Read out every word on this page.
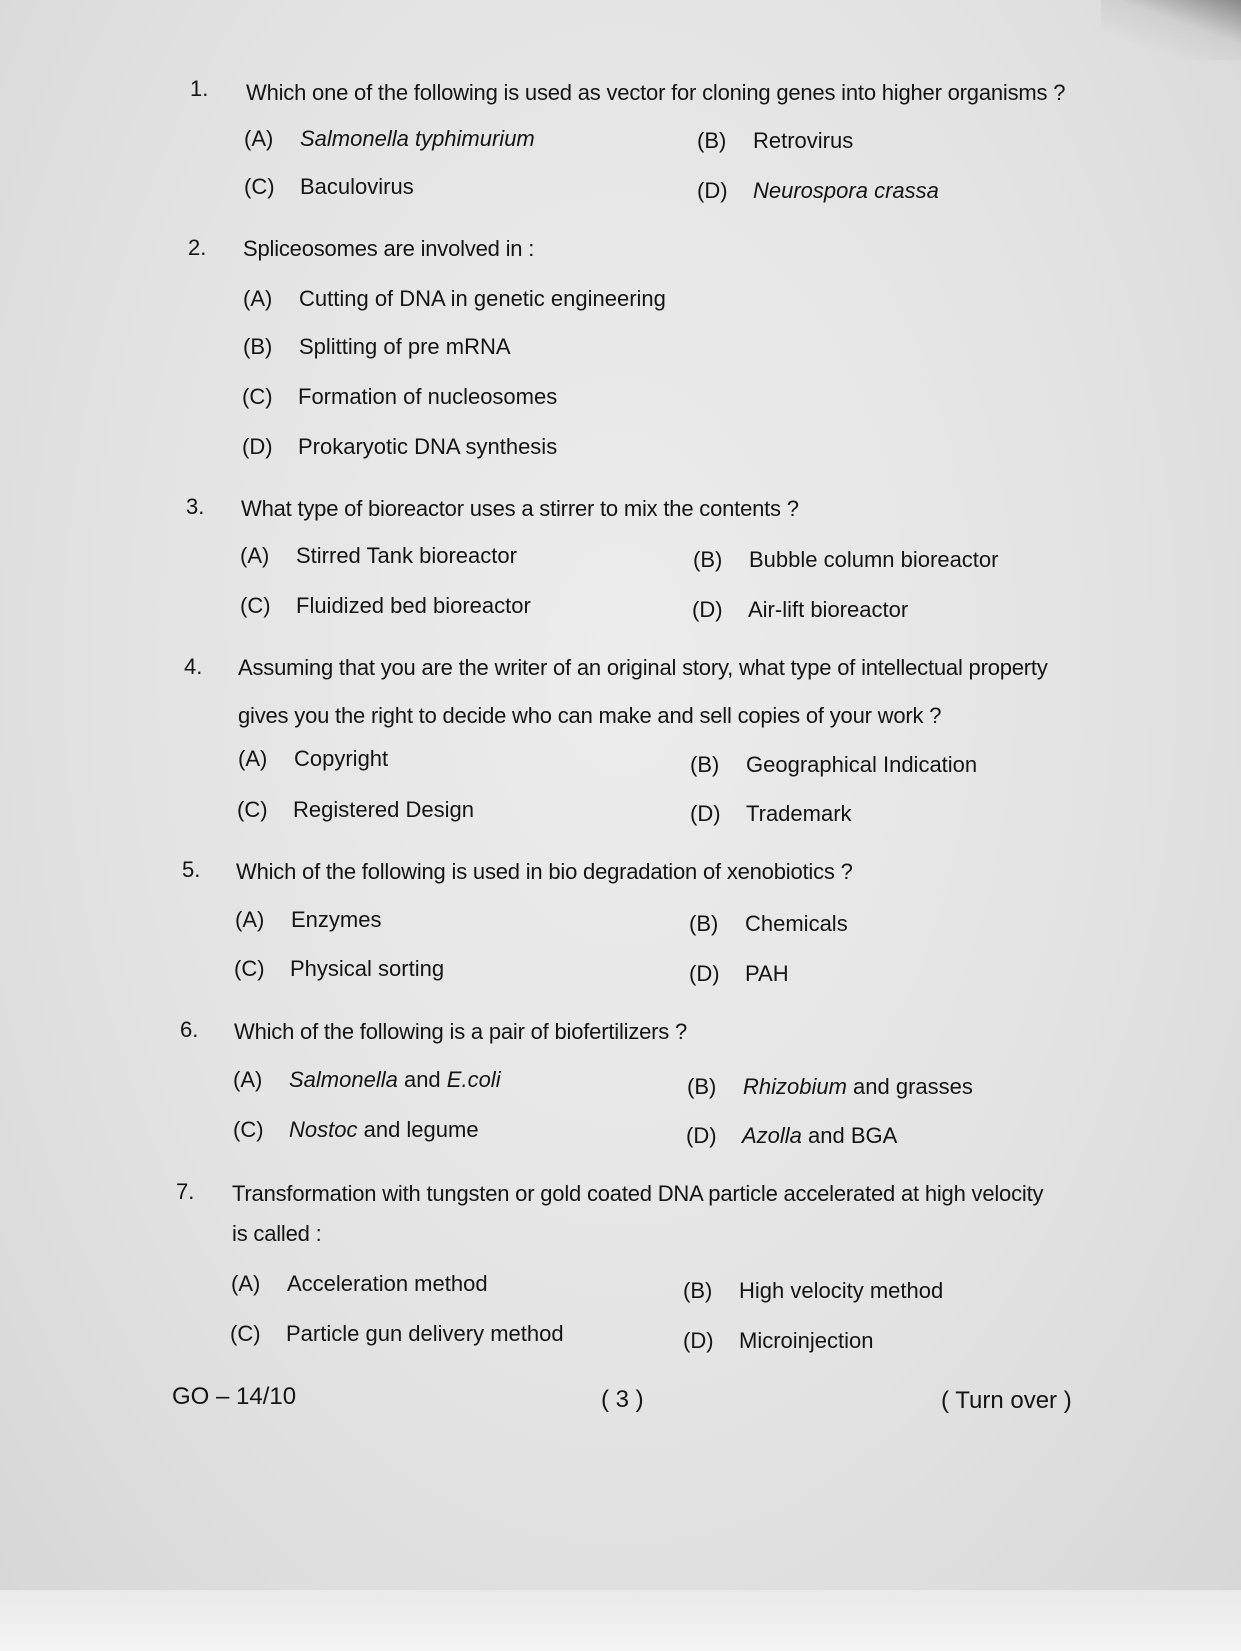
1. Which one of the following is used as vector for cloning genes into higher organisms ?
(A) Salmonella typhimurium	(B) Retrovirus
(C) Baculovirus	(D) Neurospora crassa
2. Spliceosomes are involved in :
(A) Cutting of DNA in genetic engineering
(B) Splitting of pre mRNA
(C) Formation of nucleosomes
(D) Prokaryotic DNA synthesis
3. What type of bioreactor uses a stirrer to mix the contents ?
(A) Stirred Tank bioreactor	(B) Bubble column bioreactor
(C) Fluidized bed bioreactor	(D) Air-lift bioreactor
4. Assuming that you are the writer of an original story, what type of intellectual property
gives you the right to decide who can make and sell copies of your work ?
(A) Copyright	(B) Geographical Indication
(C) Registered Design	(D) Trademark
5. Which of the following is used in bio degradation of xenobiotics ?
(A) Enzymes	(B) Chemicals
(C) Physical sorting	(D) PAH
6. Which of the following is a pair of biofertilizers ?
(A) Salmonella and E.coli	(B) Rhizobium and grasses
(C) Nostoc and legume	(D) Azolla and BGA
7. Transformation with tungsten or gold coated DNA particle accelerated at high velocity
is called :
(A) Acceleration method	(B) High velocity method
(C) Particle gun delivery method	(D) Microinjection
GO – 14/10	( 3 )	( Turn over )
